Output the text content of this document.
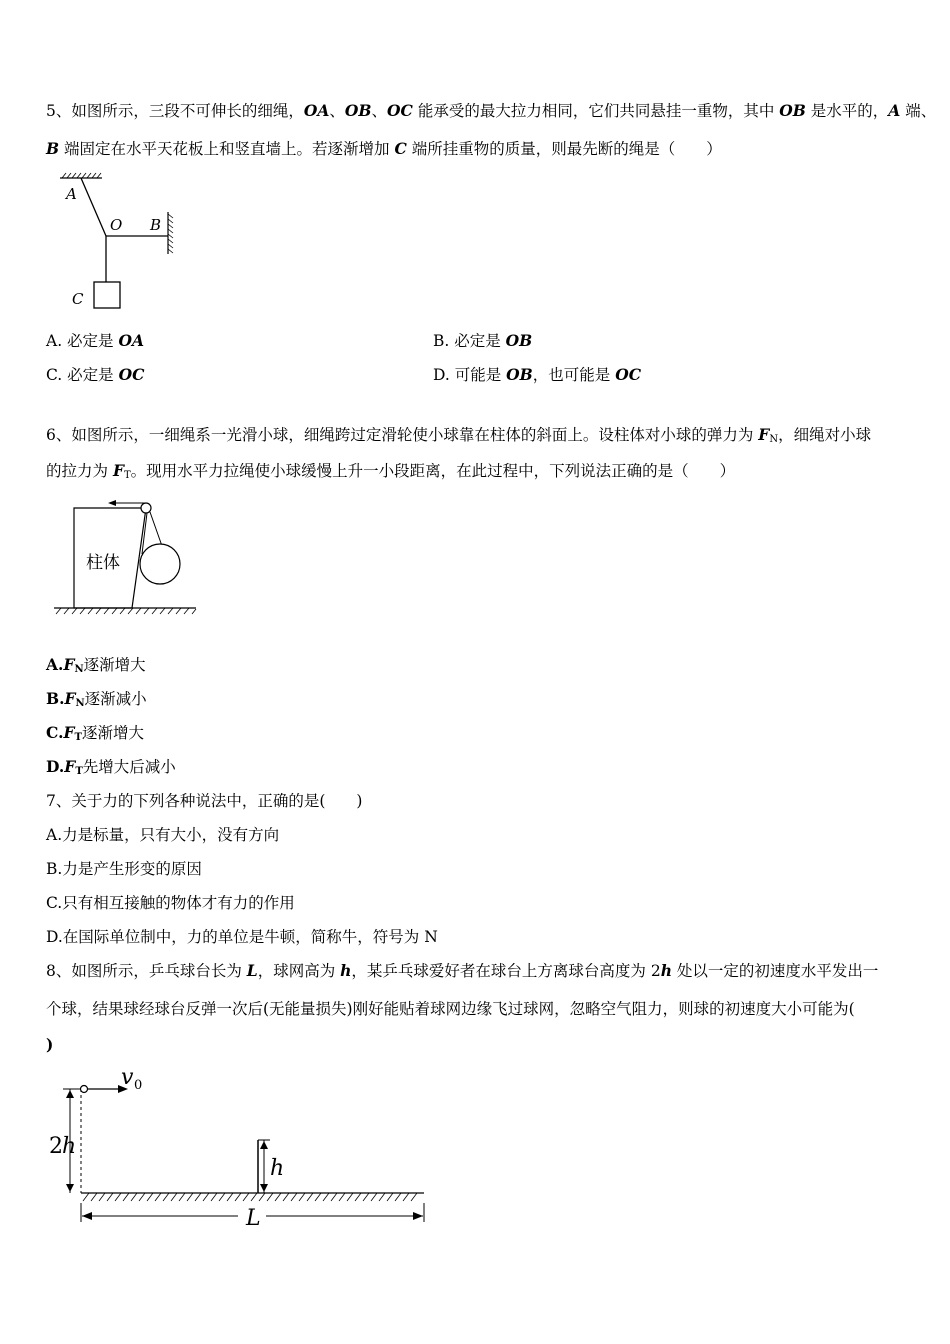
5、如图所示，三段不可伸长的细绳，OA、OB、OC 能承受的最大拉力相同，它们共同悬挂一重物，其中 OB 是水平的，A 端、
B 端固定在水平天花板上和竖直墙上。若逐渐增加 C 端所挂重物的质量，则最先断的绳是（　　）
A
O B
C
A. 必定是 OA	B. 必定是 OB
C. 必定是 OC	D. 可能是 OB，也可能是 OC
6、如图所示，一细绳系一光滑小球，细绳跨过定滑轮使小球靠在柱体的斜面上。设柱体对小球的弹力为 $F_N$，细绳对小球
的拉力为 $F_T$。现用水平力拉绳使小球缓慢上升一小段距离，在此过程中，下列说法正确的是（　　）
柱体
$A.F_N$逐渐增大
$B.F_N$逐渐减小
$C.F_T$逐渐增大
$D.F_T$先增大后减小
7、关于力的下列各种说法中，正确的是(　　)
A.力是标量，只有大小，没有方向
B.力是产生形变的原因
C.只有相互接触的物体才有力的作用
D.在国际单位制中，力的单位是牛顿，简称牛，符号为 N
8、如图所示，乒乓球台长为 L，球网高为 h，某乒乓球爱好者在球台上方离球台高度为 2h 处以一定的初速度水平发出一
个球，结果球经球台反弹一次后(无能量损失)刚好能贴着球网边缘飞过球网，忽略空气阻力，则球的初速度大小可能为(
)
v 0
2 h
h
L
